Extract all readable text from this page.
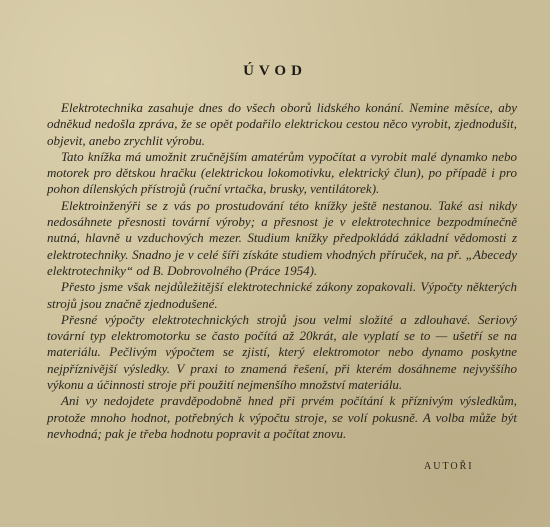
ÚVOD

Elektrotechnika zasahuje dnes do všech oborů lidského konání. Nemine měsíce, aby odněkud nedošla zpráva, že se opět podařilo elektrickou cestou něco vyrobit, zjednodušit, objevit, anebo zrychlit výrobu.

Tato knížka má umožnit zručnějším amatérům vypočítat a vyrobit malé dynamko nebo motorek pro dětskou hračku (elektrickou lokomotivku, elektrický člun), po případě i pro pohon dílenských přístrojů (ruční vrtačka, brusky, ventilátorek).

Elektroinženýři se z vás po prostudování této knížky ještě nestanou. Také asi nikdy nedosáhnete přesnosti tovární výroby; a přesnost je v elektrotechnice bezpodmínečně nutná, hlavně u vzduchových mezer. Studium knížky předpokládá základní vědomosti z elektrotechniky. Snadno je v celé šíři získáte studiem vhodných příruček, na př. „Abecedy elektrotechniky“ od B. Dobrovolného (Práce 1954).

Přesto jsme však nejdůležitější elektrotechnické zákony zopakovali. Výpočty některých strojů jsou značně zjednodušené.

Přesné výpočty elektrotechnických strojů jsou velmi složité a zdlouhavé. Seriový tovární typ elektromotorku se často počítá až 20krát, ale vyplatí se to — ušetří se na materiálu. Pečlivým výpočtem se zjistí, který elektromotor nebo dynamo poskytne nejpříznivější výsledky. V praxi to znamená řešení, při kterém dosáhneme nejvyššího výkonu a účinnosti stroje při použití nejmenšího množství materiálu.

Ani vy nedojdete pravděpodobně hned při prvém počítání k příznivým výsledkům, protože mnoho hodnot, potřebných k výpočtu stroje, se volí pokusně. A volba může být nevhodná; pak je třeba hodnotu popravit a počítat znovu.

AUTOŘI
